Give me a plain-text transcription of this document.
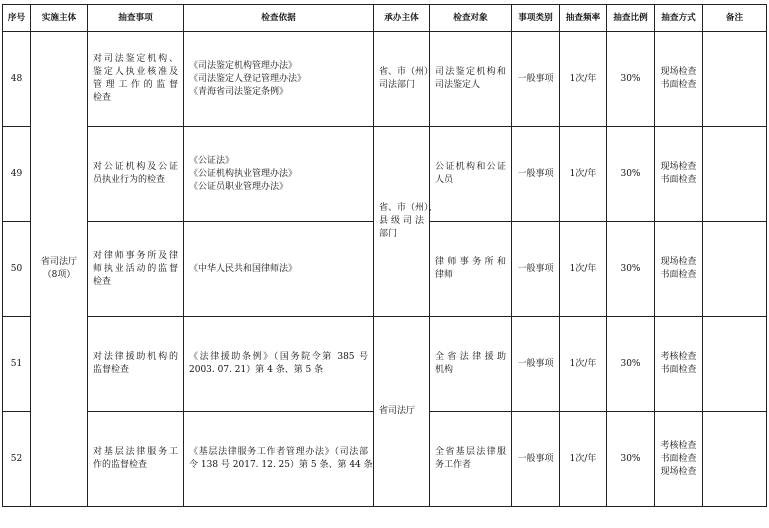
序号	实施主体	抽查事项	检查依据	承办主体	检查对象	事项类别	抽查频率	抽查比例	抽查方式	备注
48	省司法厅
（8项）	对司法鉴定机构、
鉴定人执业核准及
管理工作的监督
检查	《司法鉴定机构管理办法》
《司法鉴定人登记管理办法》
《青海省司法鉴定条例》	省、市（州）
司法部门	司法鉴定机构和
司法鉴定人	一般事项	1次/年	30%	现场检查
书面检查	

49		对公证机构及公证
员执业行为的检查	《公证法》
《公证机构执业管理办法》
《公证员职业管理办法》	省、市（州）、
县级司法
部门	公证机构和公证
人员	一般事项	1次/年	30%	现场检查
书面检查	

50		对律师事务所及律
师执业活动的监督
检查	《中华人民共和国律师法》		律师事务所和
律师	一般事项	1次/年	30%	现场检查
书面检查	

51		对法律援助机构的
监督检查	《法律援助条例》（国务院令第 385 号
2003. 07. 21）第 4 条、第 5 条	省司法厅	全省法律援助
机构	一般事项	1次/年	30%	考核检查
书面检查	

52		对基层法律服务工
作的监督检查	《基层法律服务工作者管理办法》（司法部
令 138 号 2017. 12. 25）第 5 条、第 44 条		全省基层法律服
务工作者	一般事项	1次/年	30%	考核检查
书面检查
现场检查	
